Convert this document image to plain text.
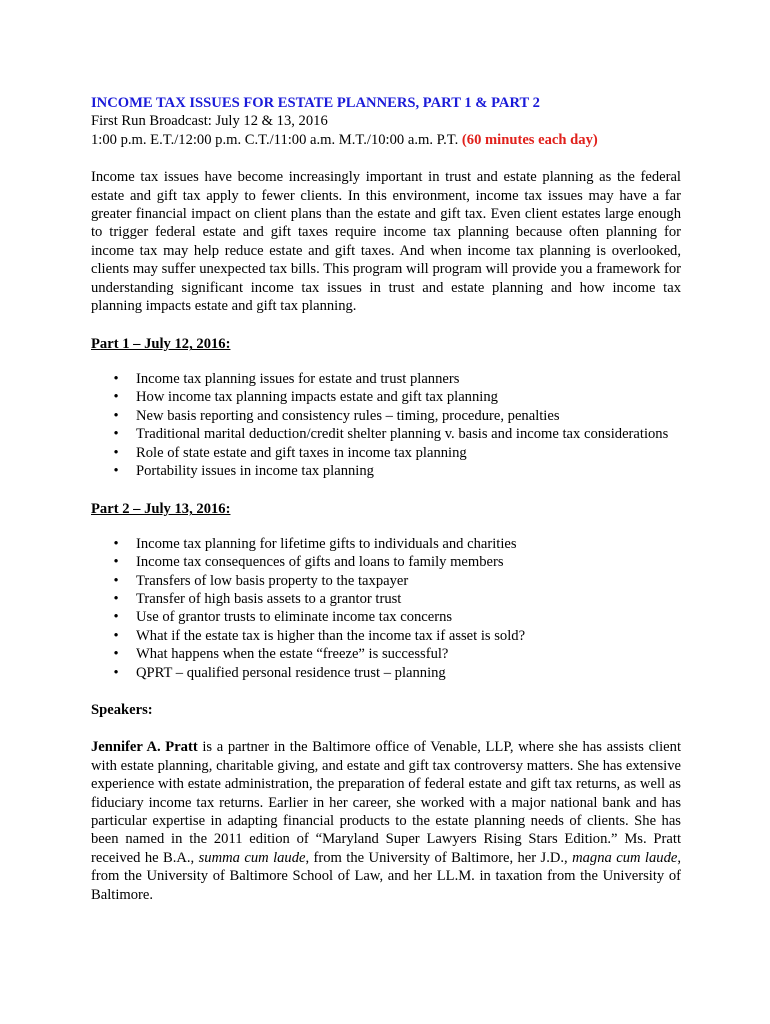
INCOME TAX ISSUES FOR ESTATE PLANNERS, PART 1 & PART 2

First Run Broadcast: July 12 & 13, 2016

1:00 p.m. E.T./12:00 p.m. C.T./11:00 a.m. M.T./10:00 a.m. P.T. (60 minutes each day)

Income tax issues have become increasingly important in trust and estate planning as the federal estate and gift tax apply to fewer clients. In this environment, income tax issues may have a far greater financial impact on client plans than the estate and gift tax. Even client estates large enough to trigger federal estate and gift taxes require income tax planning because often planning for income tax may help reduce estate and gift taxes. And when income tax planning is overlooked, clients may suffer unexpected tax bills. This program will program will provide you a framework for understanding significant income tax issues in trust and estate planning and how income tax planning impacts estate and gift tax planning.

Part 1 – July 12, 2016:

• Income tax planning issues for estate and trust planners
• How income tax planning impacts estate and gift tax planning
• New basis reporting and consistency rules – timing, procedure, penalties
• Traditional marital deduction/credit shelter planning v. basis and income tax considerations
• Role of state estate and gift taxes in income tax planning
• Portability issues in income tax planning

Part 2 – July 13, 2016:

• Income tax planning for lifetime gifts to individuals and charities
• Income tax consequences of gifts and loans to family members
• Transfers of low basis property to the taxpayer
• Transfer of high basis assets to a grantor trust
• Use of grantor trusts to eliminate income tax concerns
• What if the estate tax is higher than the income tax if asset is sold?
• What happens when the estate “freeze” is successful?
• QPRT – qualified personal residence trust – planning

Speakers:

Jennifer A. Pratt is a partner in the Baltimore office of Venable, LLP, where she has assists client with estate planning, charitable giving, and estate and gift tax controversy matters. She has extensive experience with estate administration, the preparation of federal estate and gift tax returns, as well as fiduciary income tax returns. Earlier in her career, she worked with a major national bank and has particular expertise in adapting financial products to the estate planning needs of clients. She has been named in the 2011 edition of “Maryland Super Lawyers Rising Stars Edition.” Ms. Pratt received he B.A., summa cum laude, from the University of Baltimore, her J.D., magna cum laude, from the University of Baltimore School of Law, and her LL.M. in taxation from the University of Baltimore.
